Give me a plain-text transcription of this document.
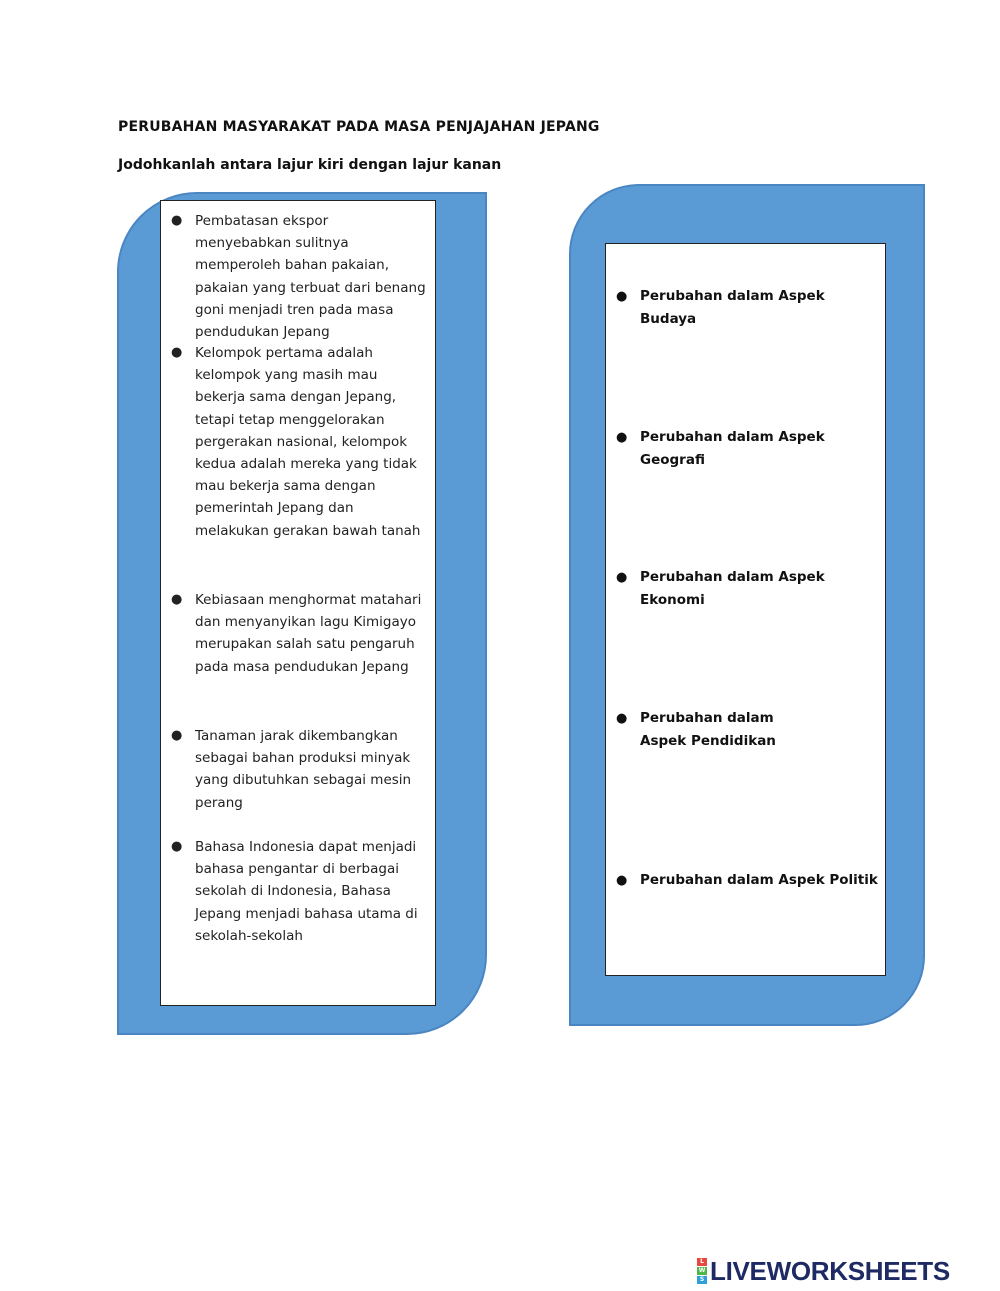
PERUBAHAN MASYARAKAT PADA MASA PENJAJAHAN JEPANG
Jodohkanlah antara lajur kiri dengan lajur kanan
● Pembatasan ekspor menyebabkan sulitnya memperoleh bahan pakaian, pakaian yang terbuat dari benang goni menjadi tren pada masa pendudukan Jepang
● Kelompok pertama adalah kelompok yang masih mau bekerja sama dengan Jepang, tetapi tetap menggelorakan pergerakan nasional, kelompok kedua adalah mereka yang tidak mau bekerja sama dengan pemerintah Jepang dan melakukan gerakan bawah tanah
● Kebiasaan menghormat matahari dan menyanyikan lagu Kimigayo merupakan salah satu pengaruh pada masa pendudukan Jepang
● Tanaman jarak dikembangkan sebagai bahan produksi minyak yang dibutuhkan sebagai mesin perang
● Bahasa Indonesia dapat menjadi bahasa pengantar di berbagai sekolah di Indonesia, Bahasa Jepang menjadi bahasa utama di sekolah-sekolah
● Perubahan dalam Aspek Budaya
● Perubahan dalam Aspek Geografi
● Perubahan dalam Aspek Ekonomi
● Perubahan dalam Aspek Pendidikan
● Perubahan dalam Aspek Politik
L
W
S LIVEWORKSHEETS
